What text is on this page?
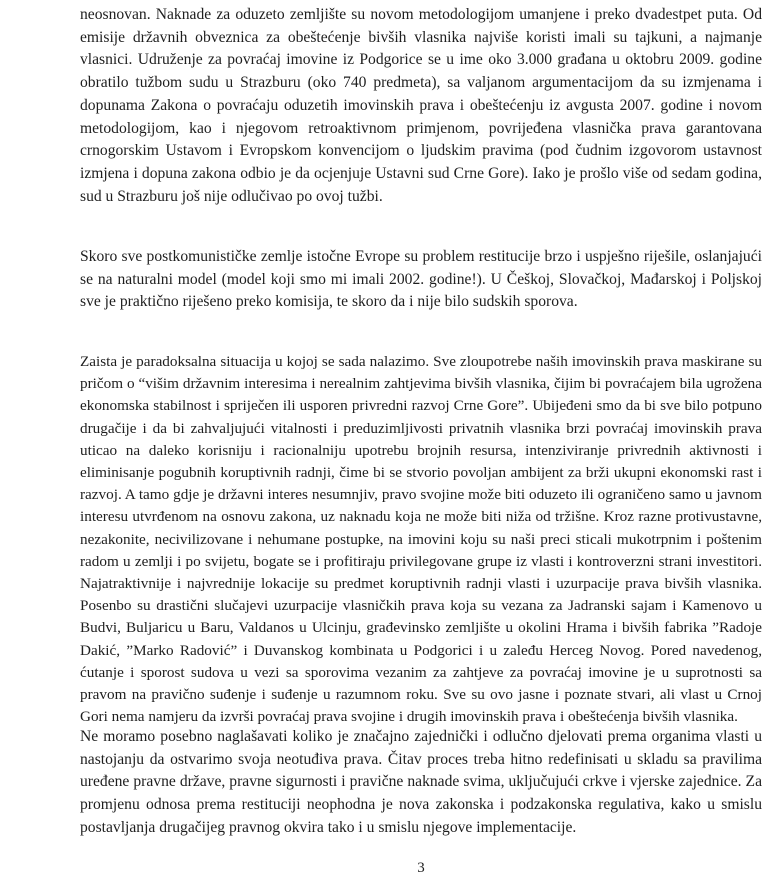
neosnovan. Naknade za oduzeto zemljište su novom metodologijom umanjene i preko dvadestpet puta. Od emisije državnih obveznica za obeštećenje bivših vlasnika najviše koristi imali su tajkuni, a najmanje vlasnici. Udruženje za povraćaj imovine iz Podgorice se u ime oko 3.000 građana u oktobru 2009. godine obratilo tužbom sudu u Strazburu (oko 740 predmeta), sa valjanom argumentacijom da su izmjenama i dopunama Zakona o povraćaju oduzetih imovinskih prava i obeštećenju iz avgusta 2007. godine i novom metodologijom, kao i njegovom retroaktivnom primjenom, povrijeđena vlasnička prava garantovana crnogorskim Ustavom i Evropskom konvencijom o ljudskim pravima (pod čudnim izgovorom ustavnost izmjena i dopuna zakona odbio je da ocjenjuje Ustavni sud Crne Gore). Iako je prošlo više od sedam godina, sud u Strazburu još nije odlučivao po ovoj tužbi.

Skoro sve postkomunističke zemlje istočne Evrope su problem restitucije brzo i uspješno riješile, oslanjajući se na naturalni model (model koji smo mi imali 2002. godine!). U Češkoj, Slovačkoj, Mađarskoj i Poljskoj sve je praktično riješeno preko komisija, te skoro da i nije bilo sudskih sporova.

Zaista je paradoksalna situacija u kojoj se sada nalazimo. Sve zloupotrebe naših imovinskih prava maskirane su pričom o “višim državnim interesima i nerealnim zahtjevima bivših vlasnika, čijim bi povraćajem bila ugrožena ekonomska stabilnost i spriječen ili usporen privredni razvoj Crne Gore”. Ubijeđeni smo da bi sve bilo potpuno drugačije i da bi zahvaljujući vitalnosti i preduzimljivosti privatnih vlasnika brzi povraćaj imovinskih prava uticao na daleko korisniju i racionalniju upotrebu brojnih resursa, intenziviranje privrednih aktivnosti i eliminisanje pogubnih koruptivnih radnji, čime bi se stvorio povoljan ambijent za brži ukupni ekonomski rast i razvoj. A tamo gdje je državni interes nesumnjiv, pravo svojine može biti oduzeto ili ograničeno samo u javnom interesu utvrđenom na osnovu zakona, uz naknadu koja ne može biti niža od tržišne. Kroz razne protivustavne, nezakonite, necivilizovane i nehumane postupke, na imovini koju su naši preci sticali mukotrpnim i poštenim radom u zemlji i po svijetu, bogate se i profitiraju privilegovane grupe iz vlasti i kontroverzni strani investitori. Najatraktivnije i najvrednije lokacije su predmet koruptivnih radnji vlasti i uzurpacije prava bivših vlasnika. Posenbo su drastični slučajevi uzurpacije vlasničkih prava koja su vezana za Jadranski sajam i Kamenovo u Budvi, Buljaricu u Baru, Valdanos u Ulcinju, građevinsko zemljište u okolini Hrama i bivših fabrika ”Radoje Dakić, ”Marko Radović” i Duvanskog kombinata u Podgorici i u zaleđu Herceg Novog. Pored navedenog, ćutanje i sporost sudova u vezi sa sporovima vezanim za zahtjeve za povraćaj imovine je u suprotnosti sa pravom na pravično suđenje i suđenje u razumnom roku. Sve su ovo jasne i poznate stvari, ali vlast u Crnoj Gori nema namjeru da izvrši povraćaj prava svojine i drugih imovinskih prava i obeštećenja bivših vlasnika.

Ne moramo posebno naglašavati koliko je značajno zajednički i odlučno djelovati prema organima vlasti u nastojanju da ostvarimo svoja neotuđiva prava. Čitav proces treba hitno redefinisati u skladu sa pravilima uređene pravne države, pravne sigurnosti i pravične naknade svima, uključujući crkve i vjerske zajednice. Za promjenu odnosa prema restituciji neophodna je nova zakonska i podzakonska regulativa, kako u smislu postavljanja drugačijeg pravnog okvira tako i u smislu njegove implementacije.

3
